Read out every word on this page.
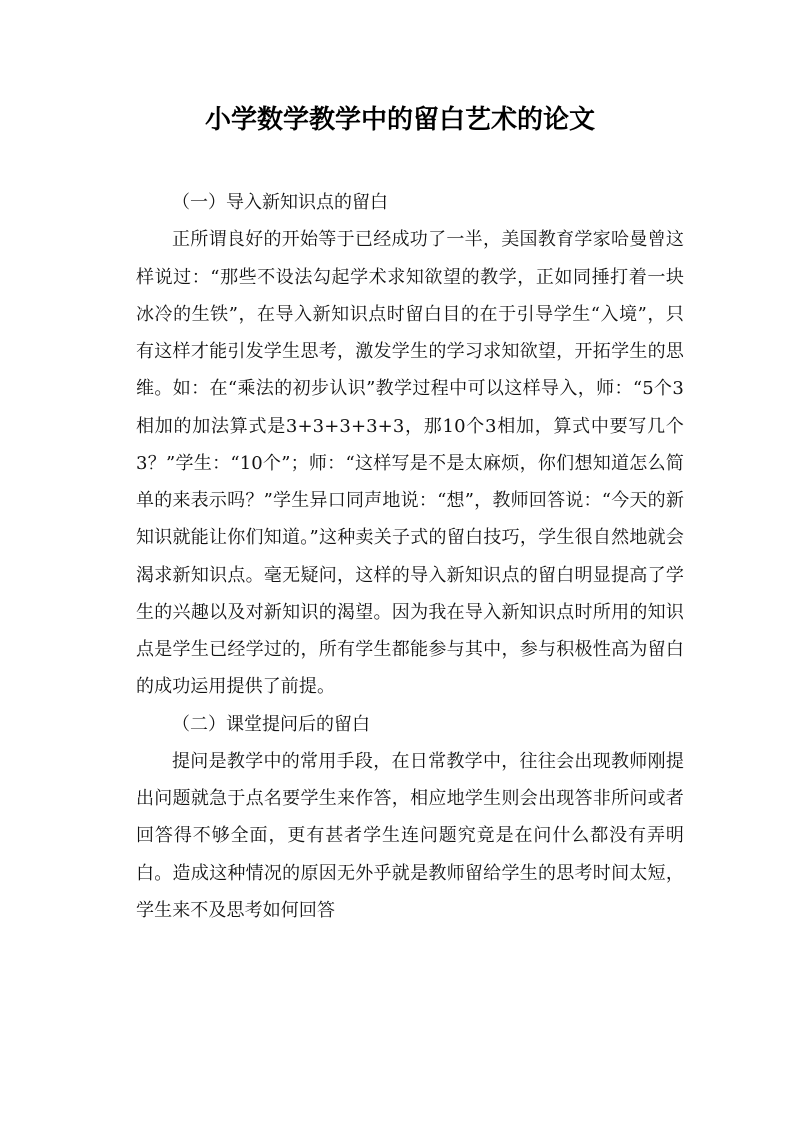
小学数学教学中的留白艺术的论文

（一）导入新知识点的留白

正所谓良好的开始等于已经成功了一半，美国教育学家哈曼曾这样说过：“那些不设法勾起学术求知欲望的教学，正如同捶打着一块冰冷的生铁”，在导入新知识点时留白目的在于引导学生“入境”，只有这样才能引发学生思考，激发学生的学习求知欲望，开拓学生的思维。如：在“乘法的初步认识”教学过程中可以这样导入，师：“5个3相加的加法算式是3+3+3+3+3，那10个3相加，算式中要写几个3？”学生：“10个”；师：“这样写是不是太麻烦，你们想知道怎么简单的来表示吗？”学生异口同声地说：“想”，教师回答说：“今天的新知识就能让你们知道。”这种卖关子式的留白技巧，学生很自然地就会渴求新知识点。毫无疑问，这样的导入新知识点的留白明显提高了学生的兴趣以及对新知识的渴望。因为我在导入新知识点时所用的知识点是学生已经学过的，所有学生都能参与其中，参与积极性高为留白的成功运用提供了前提。

（二）课堂提问后的留白

提问是教学中的常用手段，在日常教学中，往往会出现教师刚提出问题就急于点名要学生来作答，相应地学生则会出现答非所问或者回答得不够全面，更有甚者学生连问题究竟是在问什么都没有弄明白。造成这种情况的原因无外乎就是教师留给学生的思考时间太短，学生来不及思考如何回答
